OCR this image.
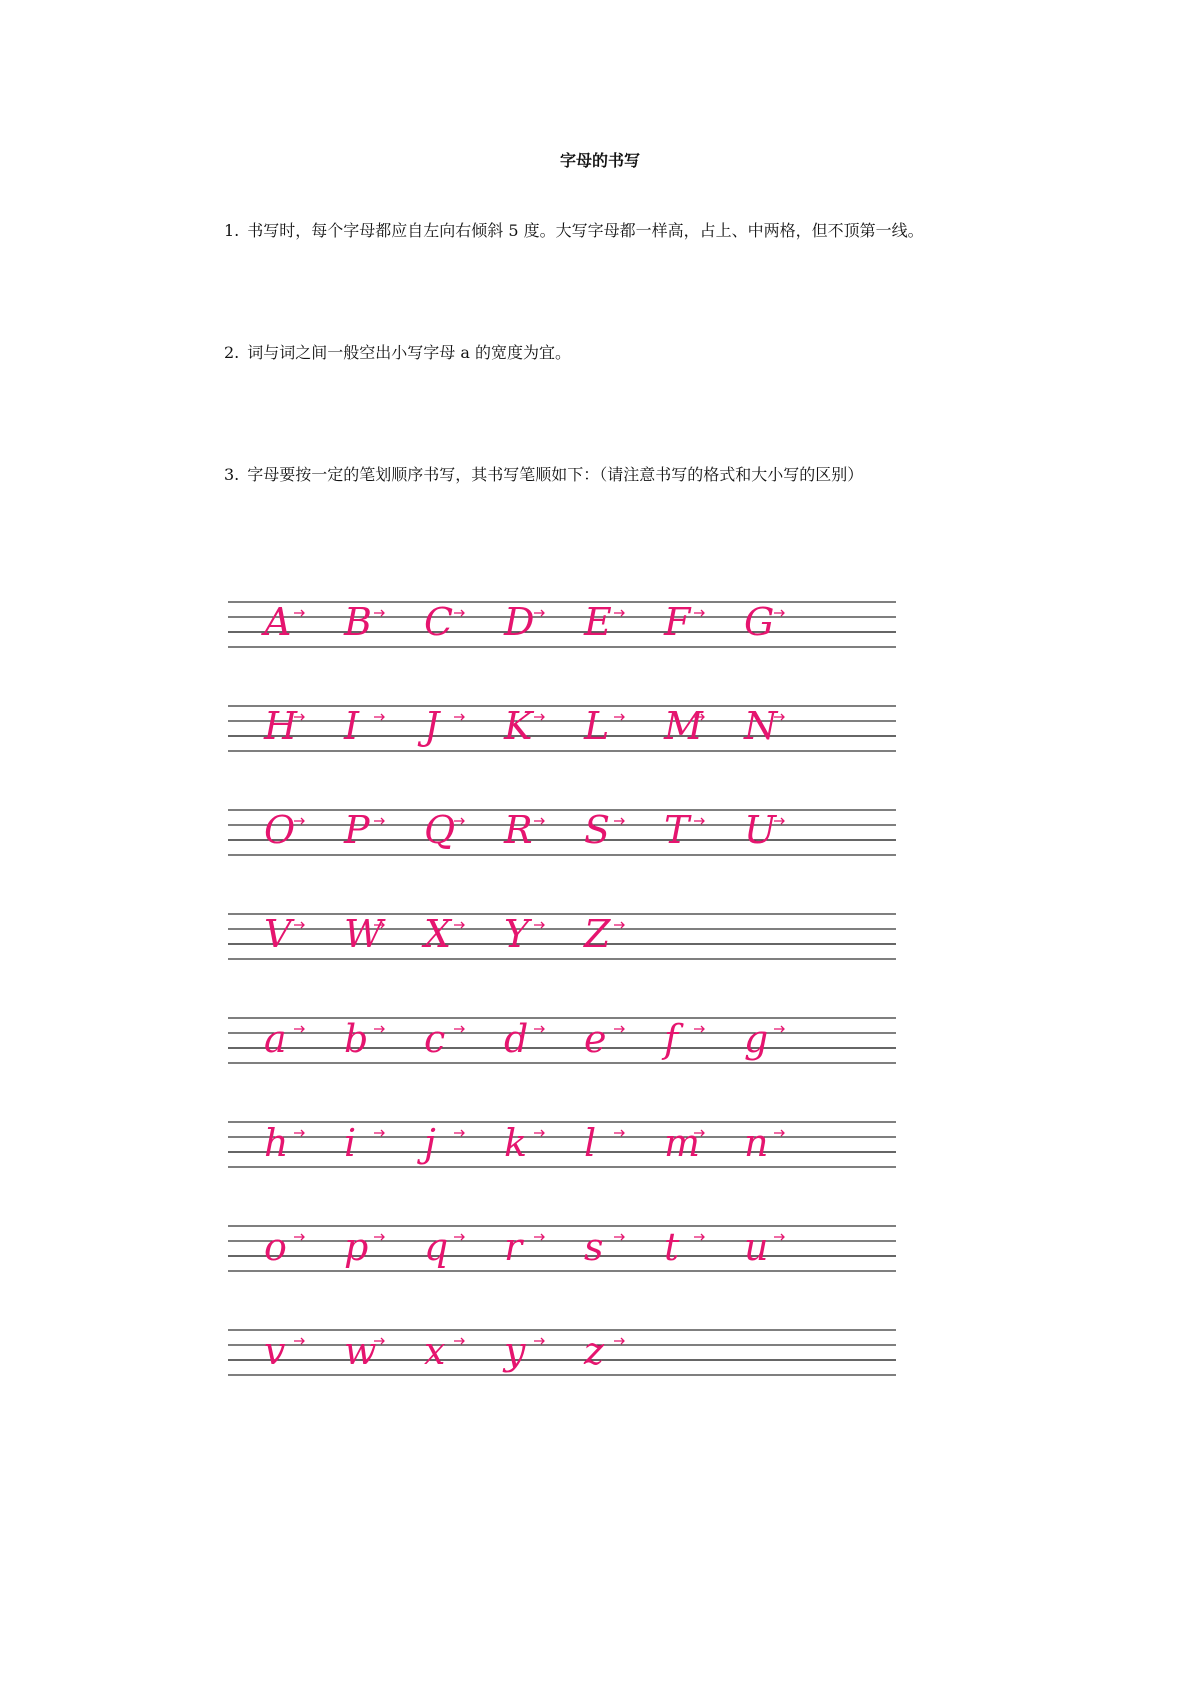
字母的书写
1. 书写时，每个字母都应自左向右倾斜 5 度。大写字母都一样高，占上、中两格，但不顶第一线。
2. 词与词之间一般空出小写字母 a 的宽度为宜。
3. 字母要按一定的笔划顺序书写，其书写笔顺如下：（请注意书写的格式和大小写的区别）
A B C D E F G
H I J K L M N
O P Q R S T U
V W X Y Z
a b c d e f g
h i j k l m n
o p q r s t u
v w x y z
